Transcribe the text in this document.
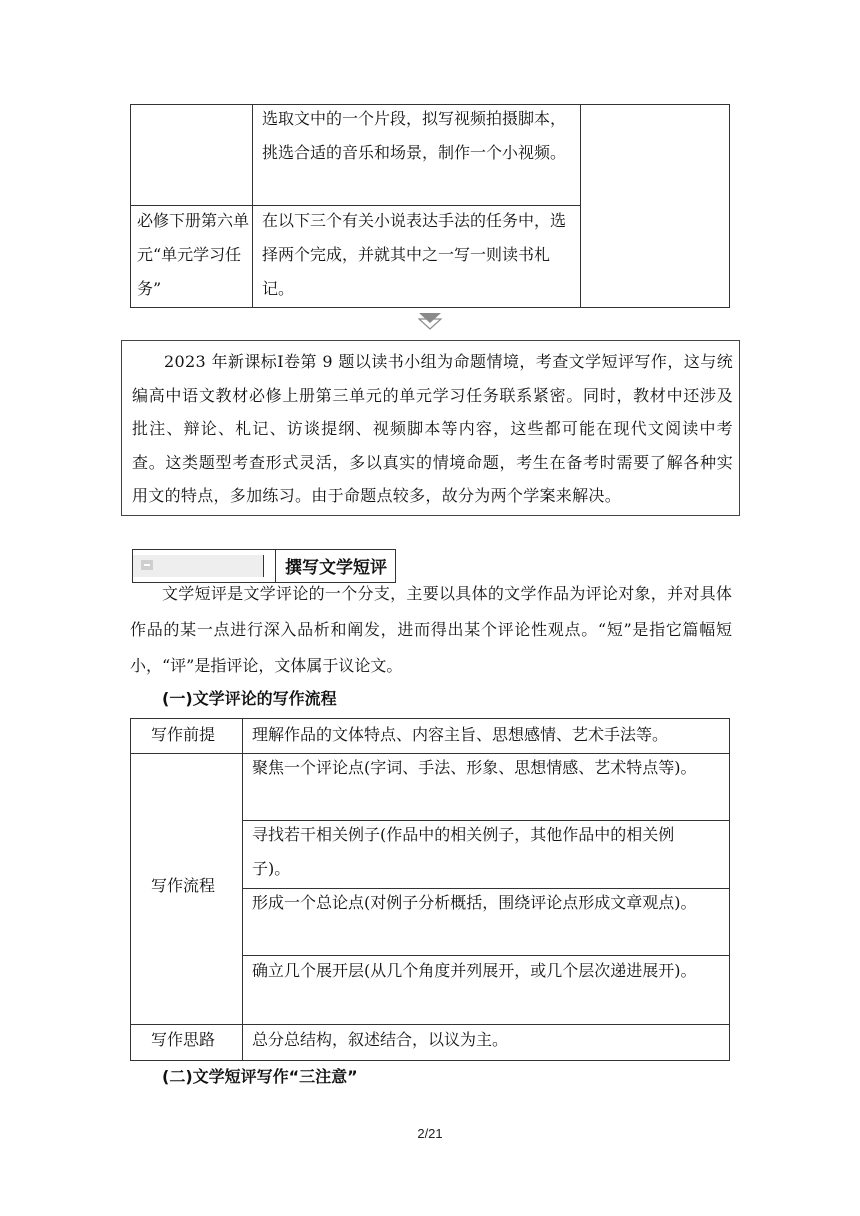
选取文中的一个片段，拟写视频拍摄脚本，挑选合适的音乐和场景，制作一个小视频。
必修下册第六单元“单元学习任务”
在以下三个有关小说表达手法的任务中，选择两个完成，并就其中之一写一则读书札记。

2023 年新课标Ⅰ卷第 9 题以读书小组为命题情境，考查文学短评写作，这与统编高中语文教材必修上册第三单元的单元学习任务联系紧密。同时，教材中还涉及批注、辩论、札记、访谈提纲、视频脚本等内容，这些都可能在现代文阅读中考查。这类题型考查形式灵活，多以真实的情境命题，考生在备考时需要了解各种实用文的特点，多加练习。由于命题点较多，故分为两个学案来解决。

撰写文学短评
文学短评是文学评论的一个分支，主要以具体的文学作品为评论对象，并对具体作品的某一点进行深入品析和阐发，进而得出某个评论性观点。“短”是指它篇幅短小，“评”是指评论，文体属于议论文。
(一)文学评论的写作流程
写作前提 理解作品的文体特点、内容主旨、思想感情、艺术手法等。
写作流程
聚焦一个评论点(字词、手法、形象、思想情感、艺术特点等)。
寻找若干相关例子(作品中的相关例子，其他作品中的相关例子)。
形成一个总论点(对例子分析概括，围绕评论点形成文章观点)。
确立几个展开层(从几个角度并列展开，或几个层次递进展开)。
写作思路 总分总结构，叙述结合，以议为主。
(二)文学短评写作“三注意”
2/21
